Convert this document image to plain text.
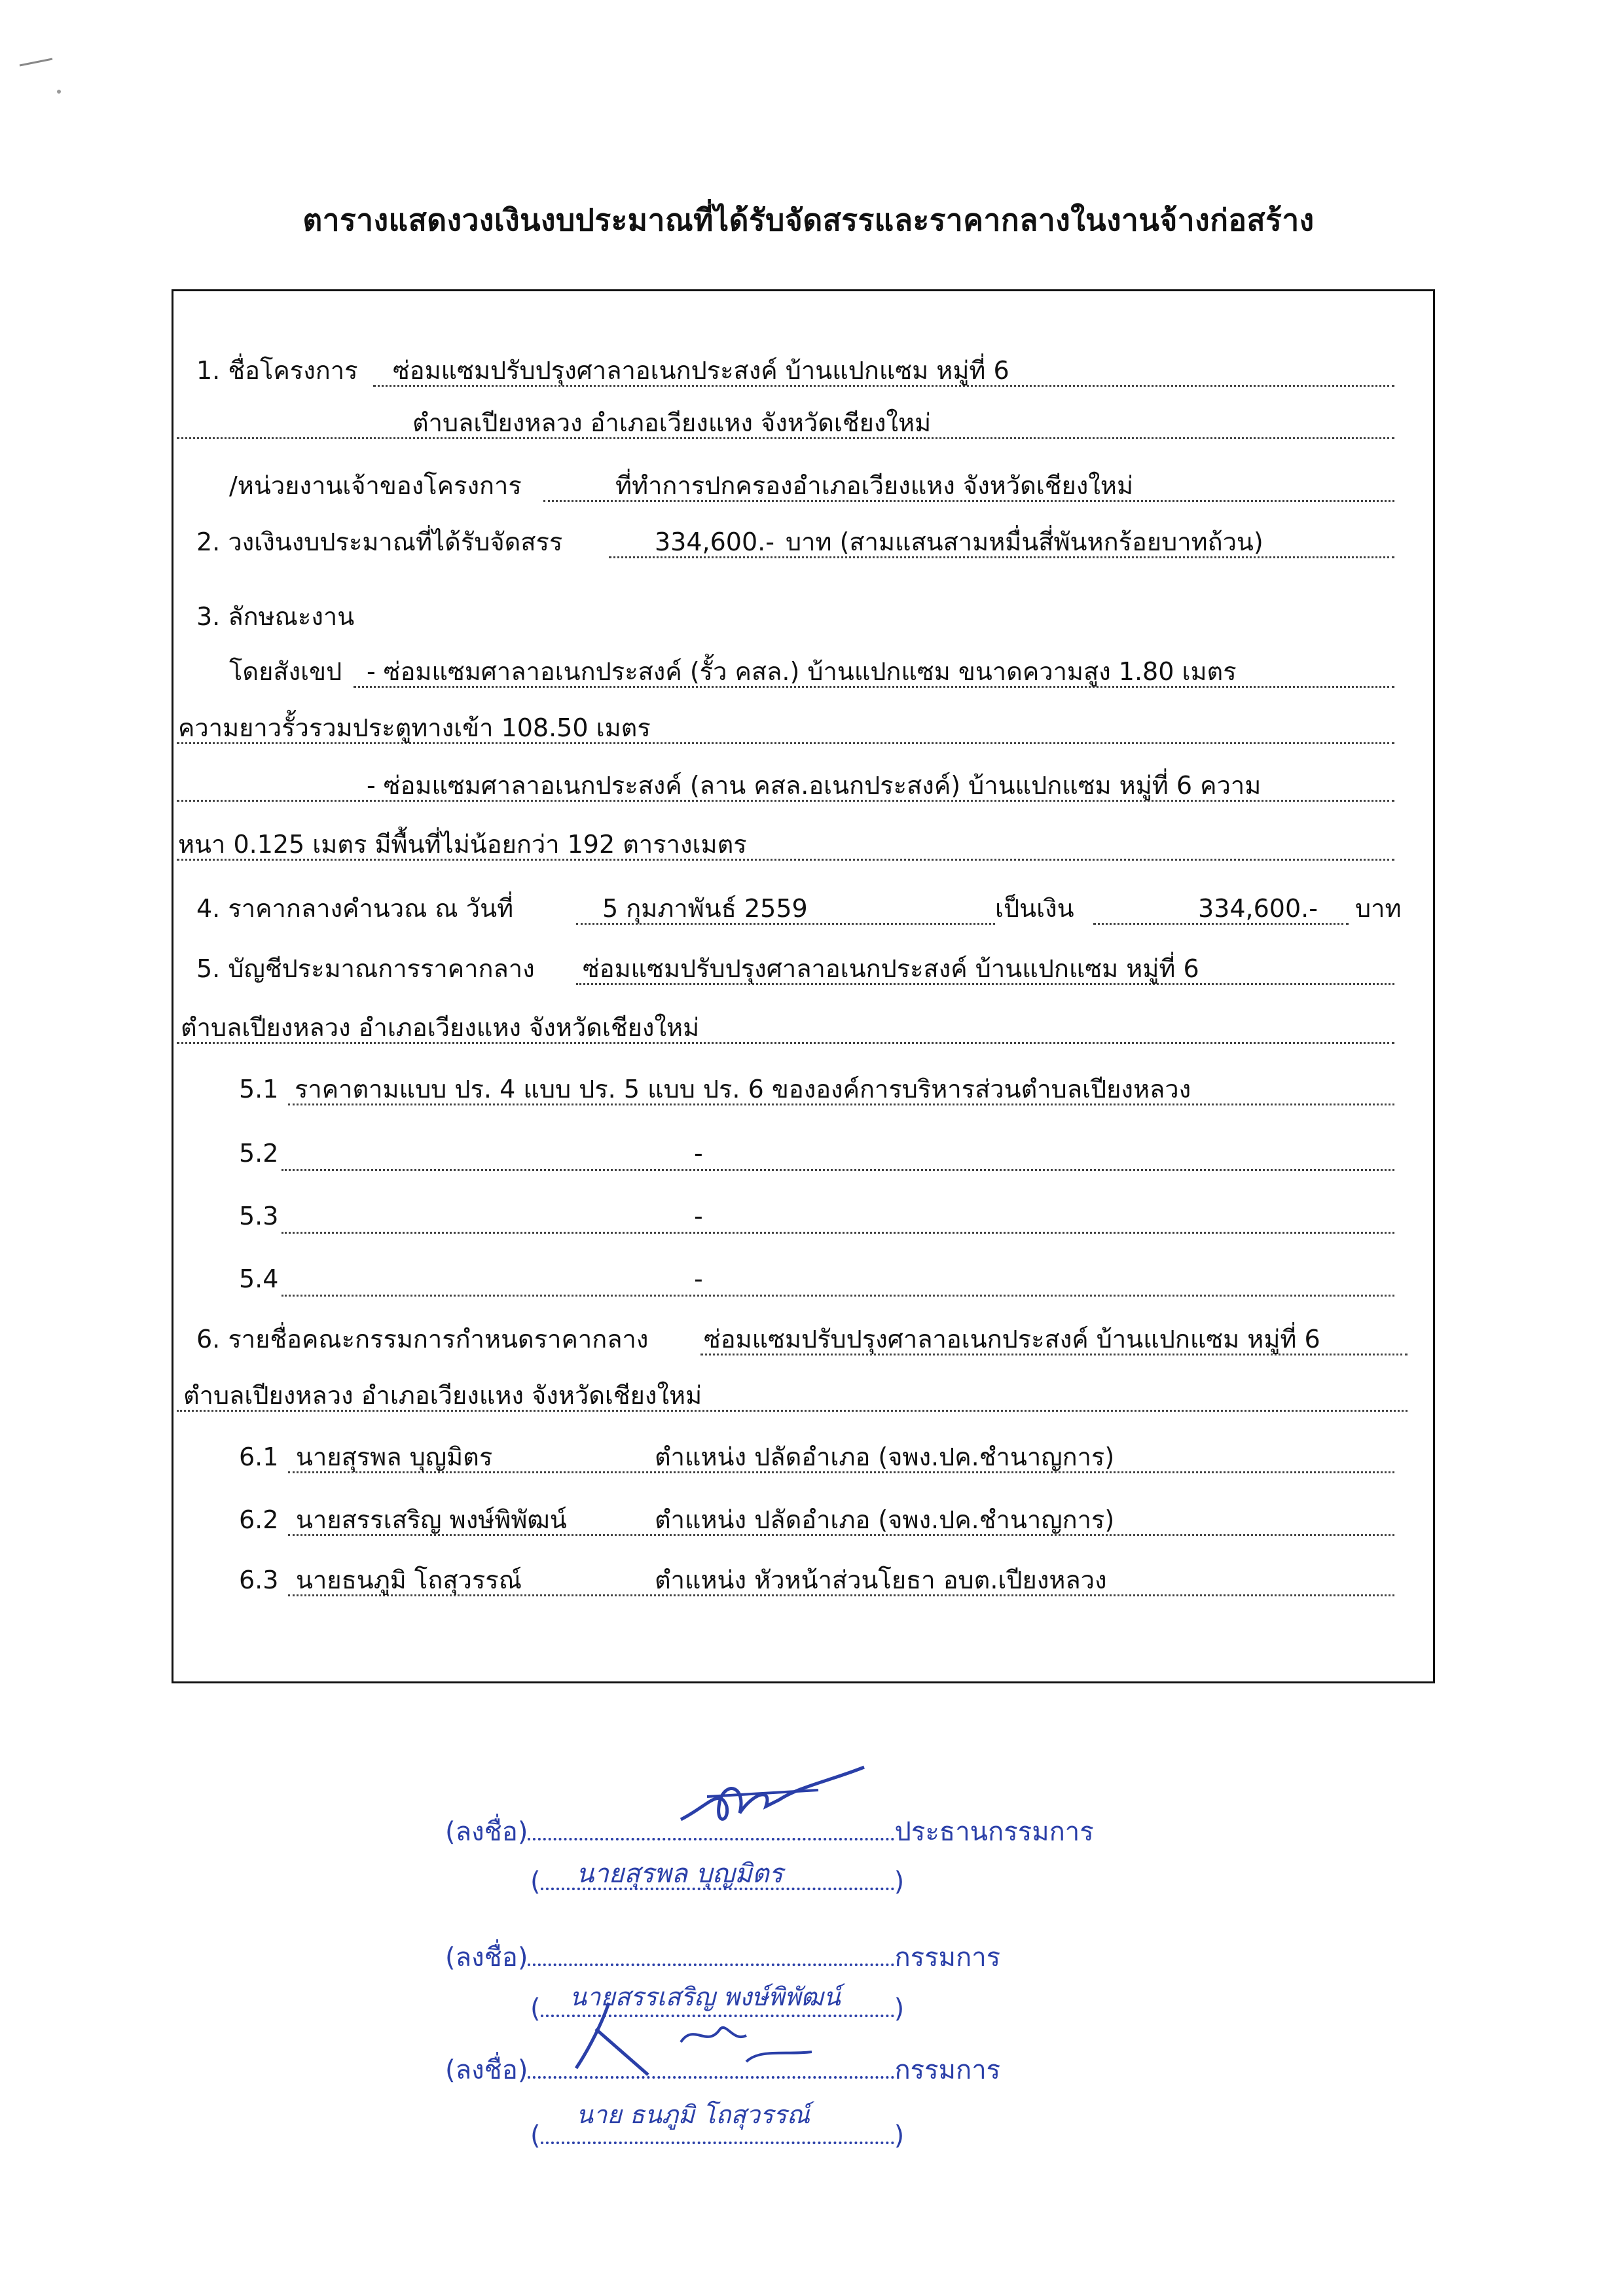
ตารางแสดงวงเงินงบประมาณที่ได้รับจัดสรรและราคากลางในงานจ้างก่อสร้าง
1. ชื่อโครงการ ซ่อมแซมปรับปรุงศาลาอเนกประสงค์ บ้านแปกแซม หมู่ที่ 6
ตำบลเปียงหลวง อำเภอเวียงแหง จังหวัดเชียงใหม่
/หน่วยงานเจ้าของโครงการ	ที่ทำการปกครองอำเภอเวียงแหง จังหวัดเชียงใหม่
2. วงเงินงบประมาณที่ได้รับจัดสรร	334,600.- บาท (สามแสนสามหมื่นสี่พันหกร้อยบาทถ้วน)
3. ลักษณะงาน
โดยสังเขป - ซ่อมแซมศาลาอเนกประสงค์ (รั้ว คสล.) บ้านแปกแซม ขนาดความสูง 1.80 เมตร
ความยาวรั้วรวมประตูทางเข้า 108.50 เมตร
- ซ่อมแซมศาลาอเนกประสงค์ (ลาน คสล.อเนกประสงค์) บ้านแปกแซม หมู่ที่ 6 ความ
หนา 0.125 เมตร มีพื้นที่ไม่น้อยกว่า 192 ตารางเมตร
4. ราคากลางคำนวณ ณ วันที่	5 กุมภาพันธ์ 2559	เป็นเงิน	334,600.- บาท
5. บัญชีประมาณการราคากลาง ซ่อมแซมปรับปรุงศาลาอเนกประสงค์ บ้านแปกแซม หมู่ที่ 6
ตำบลเปียงหลวง อำเภอเวียงแหง จังหวัดเชียงใหม่
5.1 ราคาตามแบบ ปร. 4 แบบ ปร. 5 แบบ ปร. 6 ขององค์การบริหารส่วนตำบลเปียงหลวง
5.2	-
5.3	-
5.4	-
6. รายชื่อคณะกรรมการกำหนดราคากลาง ซ่อมแซมปรับปรุงศาลาอเนกประสงค์ บ้านแปกแซม หมู่ที่ 6
ตำบลเปียงหลวง อำเภอเวียงแหง จังหวัดเชียงใหม่
6.1 นายสุรพล บุญมิตร	ตำแหน่ง ปลัดอำเภอ (จพง.ปค.ชำนาญการ)
6.2 นายสรรเสริญ พงษ์พิพัฒน์	ตำแหน่ง ปลัดอำเภอ (จพง.ปค.ชำนาญการ)
6.3 นายธนภูมิ โถสุวรรณ์	ตำแหน่ง หัวหน้าส่วนโยธา อบต.เปียงหลวง
(ลงชื่อ)	ประธานกรรมการ
(	)
นายสุรพล บุญมิตร
(ลงชื่อ)	กรรมการ
(	)
นายสรรเสริญ พงษ์พิพัฒน์
(ลงชื่อ)	กรรมการ
(	)
นาย ธนภูมิ โถสุวรรณ์
